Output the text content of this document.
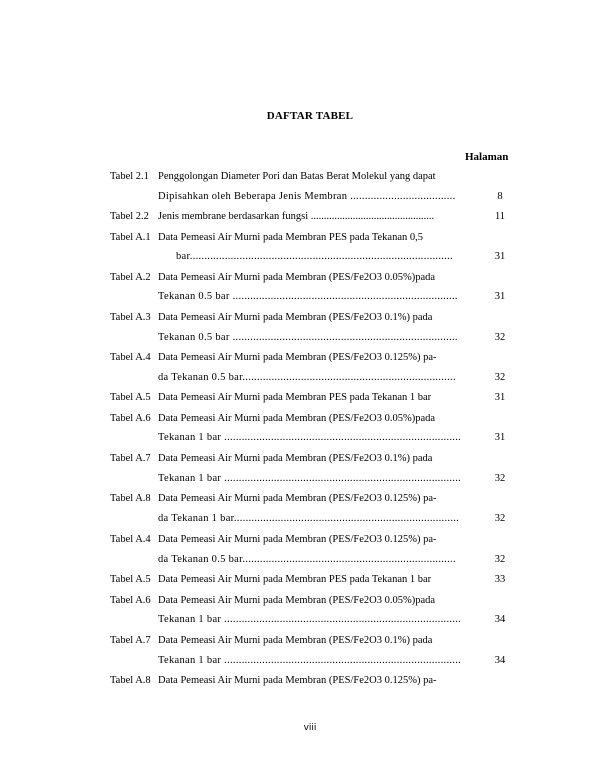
DAFTAR TABEL
Halaman
Tabel 2.1 Penggolongan Diameter Pori dan Batas Berat Molekul yang dapat
Dipisahkan oleh Beberapa Jenis Membran ....................................	8
Tabel 2.2 Jenis membrane berdasarkan fungsi ...............................................	11
Tabel A.1 Data Pemeasi Air Murni pada Membran PES pada Tekanan 0,5
bar..........................................................................................	31
Tabel A.2 Data Pemeasi Air Murni pada Membran (PES/Fe2O3 0.05%)pada
Tekanan 0.5 bar .............................................................................	31
Tabel A.3 Data Pemeasi Air Murni pada Membran (PES/Fe2O3 0.1%) pada
Tekanan 0.5 bar .............................................................................	32
Tabel A.4 Data Pemeasi Air Murni pada Membran (PES/Fe2O3 0.125%) pa-
da Tekanan 0.5 bar.........................................................................	32
Tabel A.5 Data Pemeasi Air Murni pada Membran PES pada Tekanan 1 bar	31
Tabel A.6 Data Pemeasi Air Murni pada Membran (PES/Fe2O3 0.05%)pada
Tekanan 1 bar .................................................................................	31
Tabel A.7 Data Pemeasi Air Murni pada Membran (PES/Fe2O3 0.1%) pada
Tekanan 1 bar .................................................................................	32
Tabel A.8 Data Pemeasi Air Murni pada Membran (PES/Fe2O3 0.125%) pa-
da Tekanan 1 bar.............................................................................	32
Tabel A.4 Data Pemeasi Air Murni pada Membran (PES/Fe2O3 0.125%) pa-
da Tekanan 0.5 bar.........................................................................	32
Tabel A.5 Data Pemeasi Air Murni pada Membran PES pada Tekanan 1 bar	33
Tabel A.6 Data Pemeasi Air Murni pada Membran (PES/Fe2O3 0.05%)pada
Tekanan 1 bar .................................................................................	34
Tabel A.7 Data Pemeasi Air Murni pada Membran (PES/Fe2O3 0.1%) pada
Tekanan 1 bar .................................................................................	34
Tabel A.8 Data Pemeasi Air Murni pada Membran (PES/Fe2O3 0.125%) pa-
viii
